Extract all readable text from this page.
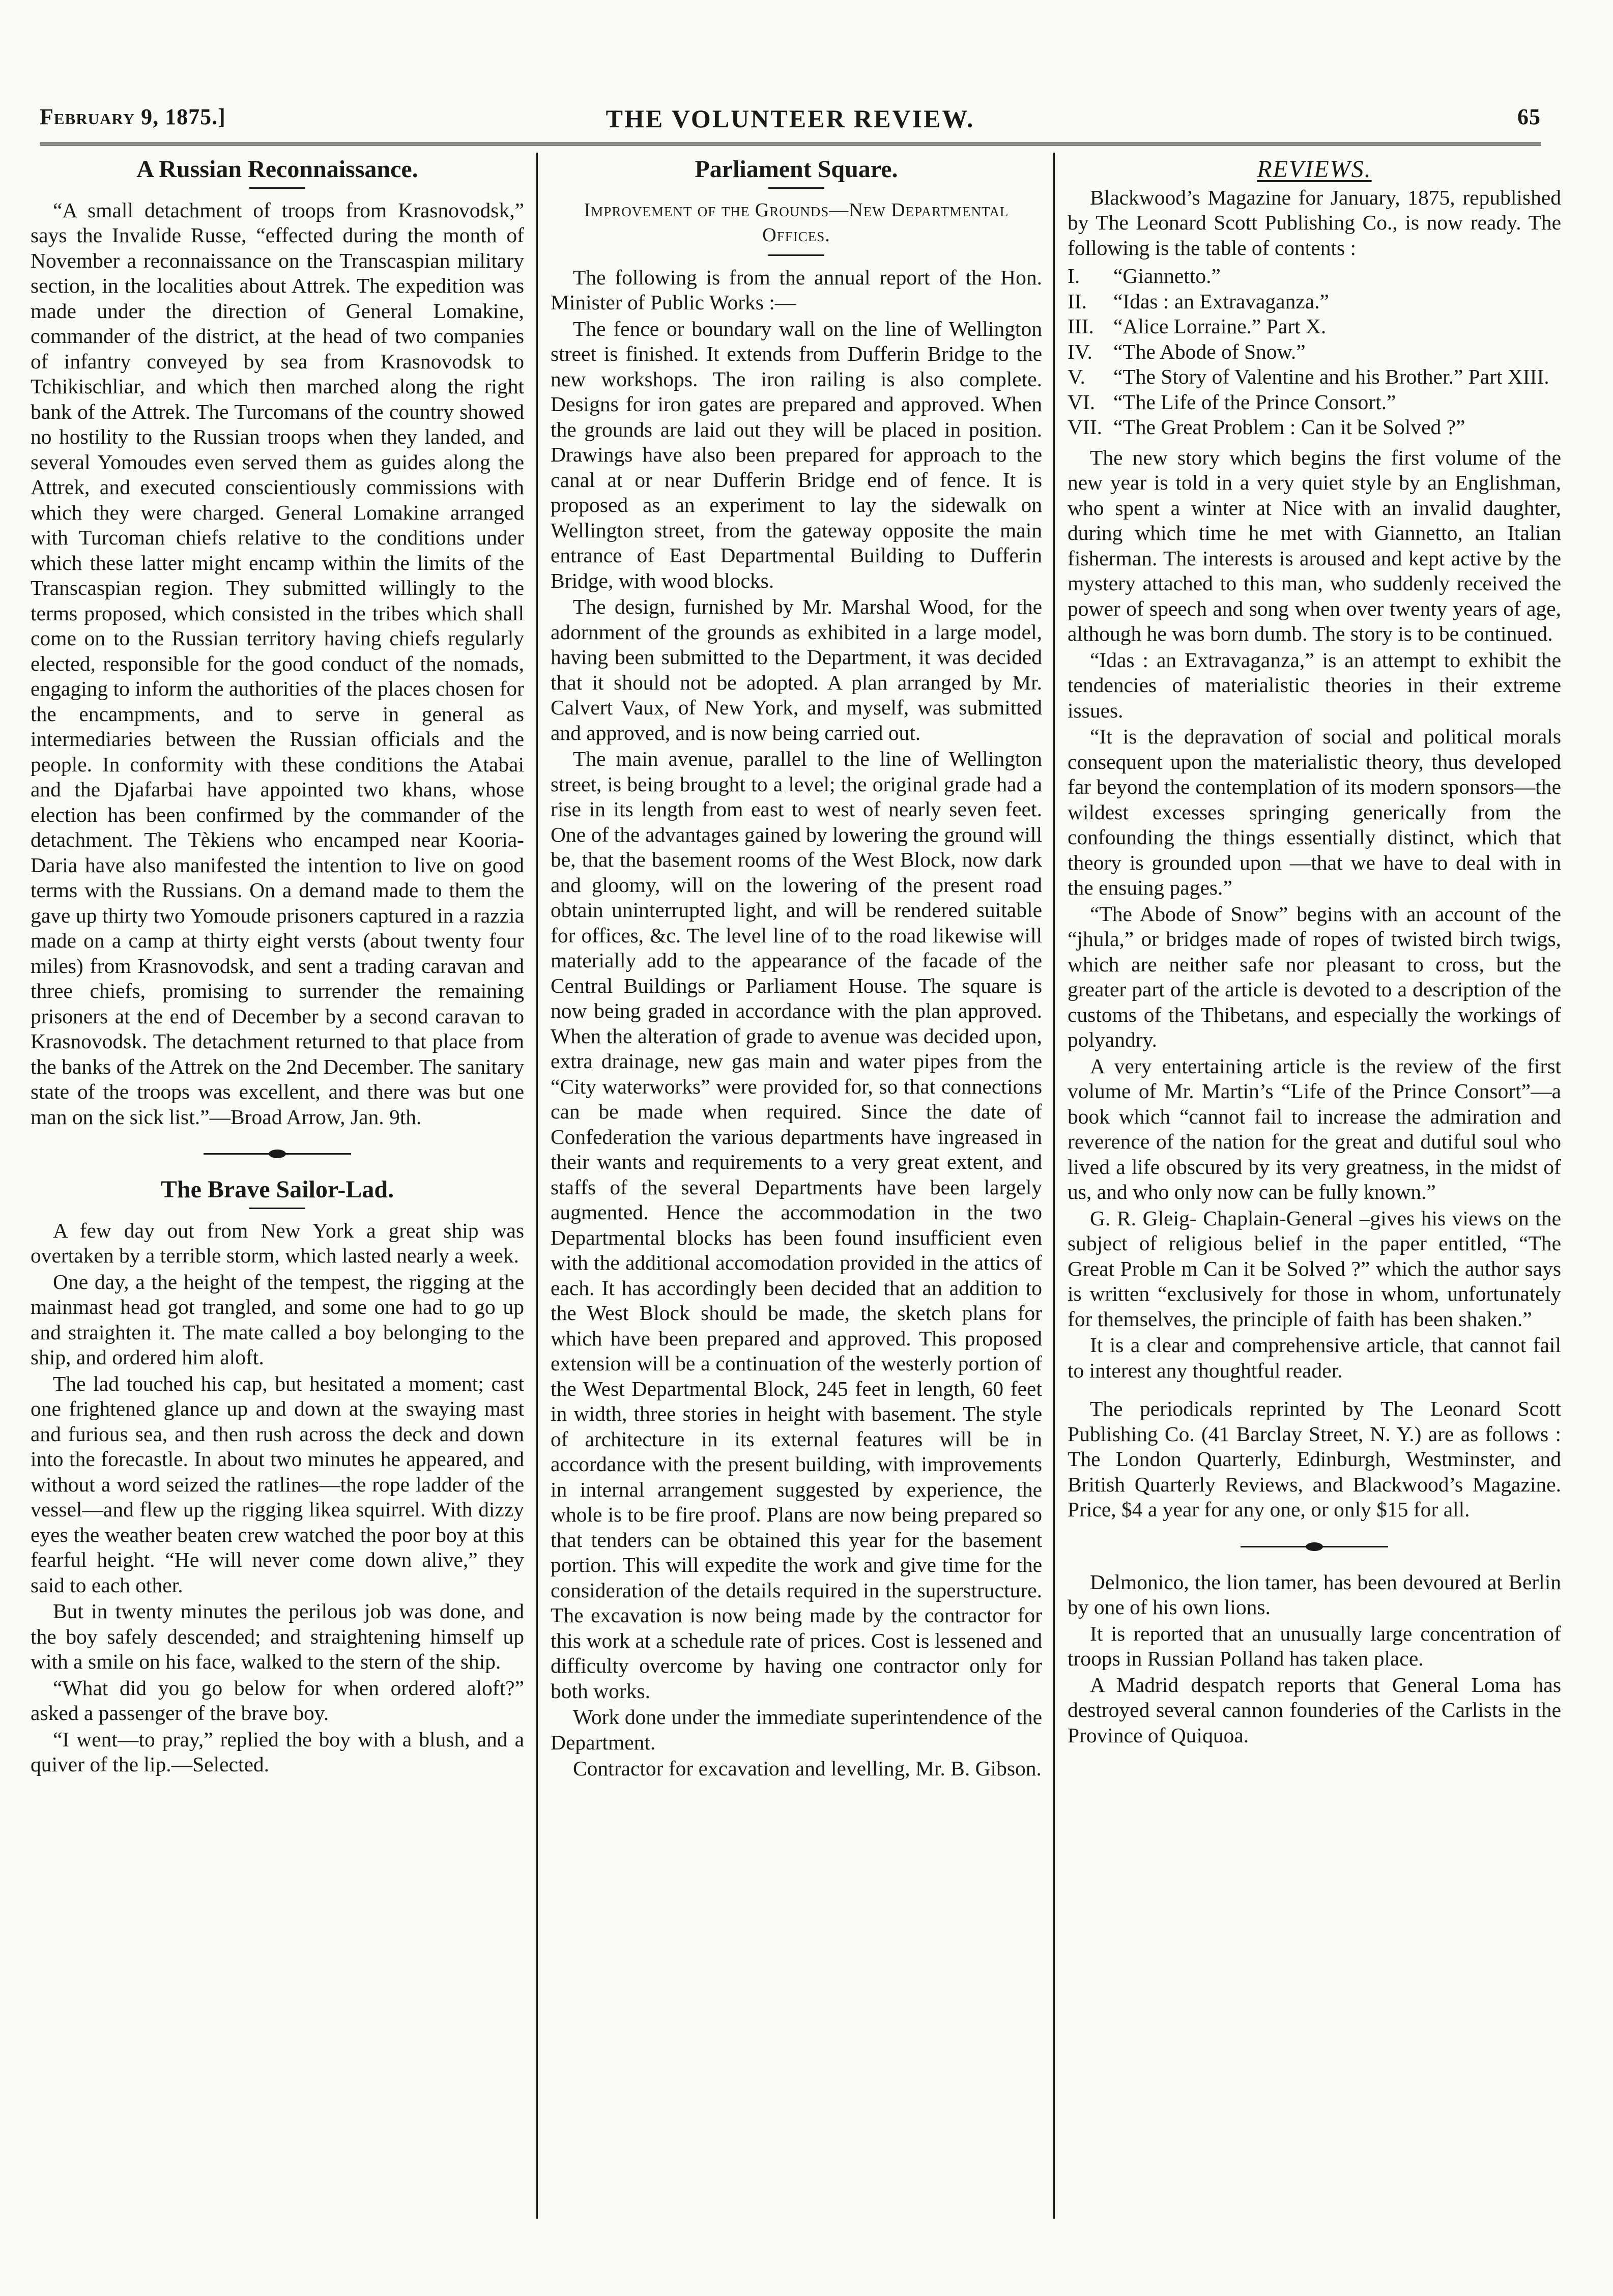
February 9, 1875.]	THE VOLUNTEER REVIEW.	65
A Russian Reconnaissance.

“A small detachment of troops from Krasnovodsk,” says the Invalide Russe, “effected during the month of November a reconnaissance on the Transcaspian military section, in the localities about Attrek. The expedition was made under the direction of General Lomakine, commander of the district, at the head of two companies of infantry conveyed by sea from Krasnovodsk to Tchikischliar, and which then marched along the right bank of the Attrek. The Turcomans of the country showed no hostility to the Russian troops when they landed, and several Yomoudes even served them as guides along the Attrek, and executed conscientiously commissions with which they were charged. General Lomakine arranged with Turcoman chiefs relative to the conditions under which these latter might encamp within the limits of the Transcaspian region. They submitted willingly to the terms proposed, which consisted in the tribes which shall come on to the Russian territory having chiefs regularly elected, responsible for the good conduct of the nomads, engaging to inform the authorities of the places chosen for the encampments, and to serve in general as intermediaries between the Russian officials and the people. In conformity with these conditions the Atabai and the Djafarbai have appointed two khans, whose election has been confirmed by the commander of the detachment. The Tèkiens who encamped near Kooria-Daria have also manifested the intention to live on good terms with the Russians. On a demand made to them the gave up thirty two Yomoude prisoners captured in a razzia made on a camp at thirty eight versts (about twenty four miles) from Krasnovodsk, and sent a trading caravan and three chiefs, promising to surrender the remaining prisoners at the end of December by a second caravan to Krasnovodsk. The detachment returned to that place from the banks of the Attrek on the 2nd December. The sanitary state of the troops was excellent, and there was but one man on the sick list.”—Broad Arrow, Jan. 9th.

The Brave Sailor-Lad.

A few day out from New York a great ship was overtaken by a terrible storm, which lasted nearly a week.

One day, a the height of the tempest, the rigging at the mainmast head got trangled, and some one had to go up and straighten it. The mate called a boy belonging to the ship, and ordered him aloft.

The lad touched his cap, but hesitated a moment; cast one frightened glance up and down at the swaying mast and furious sea, and then rush across the deck and down into the forecastle. In about two minutes he appeared, and without a word seized the ratlines—the rope ladder of the vessel—and flew up the rigging likea squirrel. With dizzy eyes the weather beaten crew watched the poor boy at this fearful height. “He will never come down alive,” they said to each other.

But in twenty minutes the perilous job was done, and the boy safely descended; and straightening himself up with a smile on his face, walked to the stern of the ship.

“What did you go below for when ordered aloft?” asked a passenger of the brave boy.

“I went—to pray,” replied the boy with a blush, and a quiver of the lip.—Selected.

Parliament Square.
Improvement of the Grounds—New Departmental Offices.

The following is from the annual report of the Hon. Minister of Public Works :—

The fence or boundary wall on the line of Wellington street is finished. It extends from Dufferin Bridge to the new workshops. The iron railing is also complete. Designs for iron gates are prepared and approved. When the grounds are laid out they will be placed in position. Drawings have also been prepared for approach to the canal at or near Dufferin Bridge end of fence. It is proposed as an experiment to lay the sidewalk on Wellington street, from the gateway opposite the main entrance of East Departmental Building to Dufferin Bridge, with wood blocks.

The design, furnished by Mr. Marshal Wood, for the adornment of the grounds as exhibited in a large model, having been submitted to the Department, it was decided that it should not be adopted. A plan arranged by Mr. Calvert Vaux, of New York, and myself, was submitted and approved, and is now being carried out.

The main avenue, parallel to the line of Wellington street, is being brought to a level; the original grade had a rise in its length from east to west of nearly seven feet. One of the advantages gained by lowering the ground will be, that the basement rooms of the West Block, now dark and gloomy, will on the lowering of the present road obtain uninterrupted light, and will be rendered suitable for offices, &c. The level line of to the road likewise will materially add to the appearance of the facade of the Central Buildings or Parliament House. The square is now being graded in accordance with the plan approved. When the alteration of grade to avenue was decided upon, extra drainage, new gas main and water pipes from the “City waterworks” were provided for, so that connections can be made when required. Since the date of Confederation the various departments have ingreased in their wants and requirements to a very great extent, and staffs of the several Departments have been largely augmented. Hence the accommodation in the two Departmental blocks has been found insufficient even with the additional accomodation provided in the attics of each. It has accordingly been decided that an addition to the West Block should be made, the sketch plans for which have been prepared and approved. This proposed extension will be a continuation of the westerly portion of the West Departmental Block, 245 feet in length, 60 feet in width, three stories in height with basement. The style of architecture in its external features will be in accordance with the present building, with improvements in internal arrangement suggested by experience, the whole is to be fire proof. Plans are now being prepared so that tenders can be obtained this year for the basement portion. This will expedite the work and give time for the consideration of the details required in the superstructure. The excavation is now being made by the contractor for this work at a schedule rate of prices. Cost is lessened and difficulty overcome by having one contractor only for both works.

Work done under the immediate superintendence of the Department.

Contractor for excavation and levelling, Mr. B. Gibson.

REVIEWS.

Blackwood’s Magazine for January, 1875, republished by The Leonard Scott Publishing Co., is now ready. The following is the table of contents :

I.	“Giannetto.”
II.	“Idas : an Extravaganza.”
III. “Alice Lorraine.” Part X.
IV. “The Abode of Snow.”
V.	“The Story of Valentine and his Brother.” Part XIII.
VI. “The Life of the Prince Consort.”
VII. “The Great Problem : Can it be Solved ?”

The new story which begins the first volume of the new year is told in a very quiet style by an Englishman, who spent a winter at Nice with an invalid daughter, during which time he met with Giannetto, an Italian fisherman. The interests is aroused and kept active by the mystery attached to this man, who suddenly received the power of speech and song when over twenty years of age, although he was born dumb. The story is to be continued.

“Idas : an Extravaganza,” is an attempt to exhibit the tendencies of materialistic theories in their extreme issues.

“It is the depravation of social and political morals consequent upon the materialistic theory, thus developed far beyond the contemplation of its modern sponsors—the wildest excesses springing generically from the confounding the things essentially distinct, which that theory is grounded upon —that we have to deal with in the ensuing pages.”

“The Abode of Snow” begins with an account of the “jhula,” or bridges made of ropes of twisted birch twigs, which are neither safe nor pleasant to cross, but the greater part of the article is devoted to a description of the customs of the Thibetans, and especially the workings of polyandry.

A very entertaining article is the review of the first volume of Mr. Martin’s “Life of the Prince Consort”—a book which “cannot fail to increase the admiration and reverence of the nation for the great and dutiful soul who lived a life obscured by its very greatness, in the midst of us, and who only now can be fully known.”

G. R. Gleig- Chaplain-General –gives his views on the subject of religious belief in the paper entitled, “The Great Proble m Can it be Solved ?” which the author says is written “exclusively for those in whom, unfortunately for themselves, the principle of faith has been shaken.”

It is a clear and comprehensive article, that cannot fail to interest any thoughtful reader.

The periodicals reprinted by The Leonard Scott Publishing Co. (41 Barclay Street, N. Y.) are as follows : The London Quarterly, Edinburgh, Westminster, and British Quarterly Reviews, and Blackwood’s Magazine. Price, $4 a year for any one, or only $15 for all.

Delmonico, the lion tamer, has been devoured at Berlin by one of his own lions.

It is reported that an unusually large concentration of troops in Russian Polland has taken place.

A Madrid despatch reports that General Loma has destroyed several cannon founderies of the Carlists in the Province of Quiquoa.
